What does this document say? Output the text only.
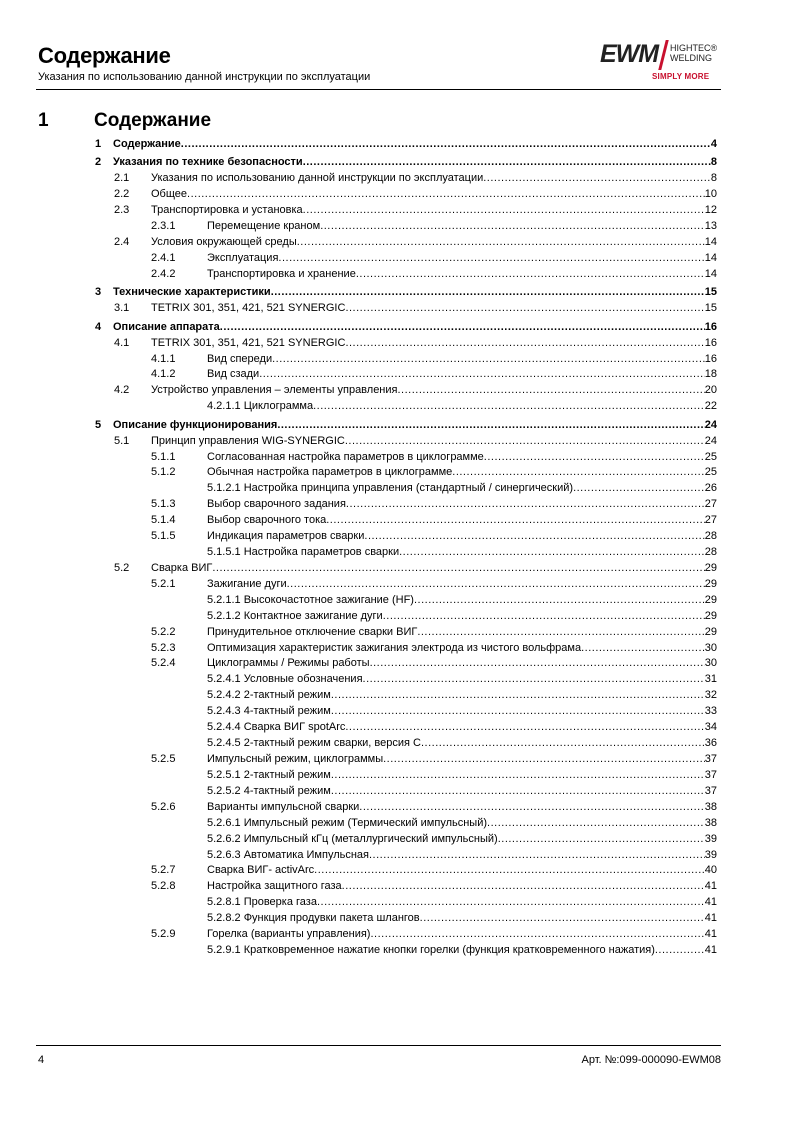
Содержание
Указания по использованию данной инструкции по эксплуатации
EWM HIGHTEC®
WELDING
SIMPLY MORE
1 Содержание
1 Содержание .....	4
2 Указания по технике безопасности .....	8
2.1 Указания по использованию данной инструкции по эксплуатации .....	8
2.2 Общее .....	10
2.3 Транспортировка и установка .....	12
2.3.1	Перемещение краном .....	13
2.4 Условия окружающей среды .....	14
2.4.1	Эксплуатация .....	14
2.4.2	Транспортировка и хранение .....	14
3 Технические характеристики .....	15
3.1 TETRIX 301, 351, 421, 521 SYNERGIC .....	15
4 Описание аппарата .....	16
4.1 TETRIX 301, 351, 421, 521 SYNERGIC .....	16
4.1.1	Вид спереди .....	16
4.1.2	Вид сзади .....	18
4.2 Устройство управления – элементы управления .....	20
4.2.1.1 Циклограмма .....	22
5 Описание функционирования .....	24
5.1 Принцип управления WIG-SYNERGIC .....	24
5.1.1	Согласованная настройка параметров в циклограмме .....	25
5.1.2	Обычная настройка параметров в циклограмме .....	25
5.1.2.1 Настройка принципа управления (стандартный / синергический) .....	26
5.1.3	Выбор сварочного задания .....	27
5.1.4	Выбор сварочного тока .....	27
5.1.5	Индикация параметров сварки .....	28
5.1.5.1 Настройка параметров сварки .....	28
5.2 Сварка ВИГ .....	29
5.2.1	Зажигание дуги .....	29
5.2.1.1 Высокочастотное зажигание (HF) .....	29
5.2.1.2 Контактное зажигание дуги .....	29
5.2.2	Принудительное отключение сварки ВИГ .....	29
5.2.3	Оптимизация характеристик зажигания электрода из чистого вольфрама .....	30
5.2.4	Циклограммы / Режимы работы .....	30
5.2.4.1 Условные обозначения .....	31
5.2.4.2 2-тактный режим .....	32
5.2.4.3 4-тактный режим .....	33
5.2.4.4 Сварка ВИГ spotArc .....	34
5.2.4.5 2-тактный режим сварки, версия С .....	36
5.2.5	Импульсный режим, циклограммы .....	37
5.2.5.1 2-тактный режим .....	37
5.2.5.2 4-тактный режим .....	37
5.2.6	Варианты импульсной сварки .....	38
5.2.6.1 Импульсный режим (Термический импульсный) .....	38
5.2.6.2 Импульсный кГц (металлургический импульсный) .....	39
5.2.6.3 Автоматика Импульсная .....	39
5.2.7	Сварка ВИГ- activArc .....	40
5.2.8	Настройка защитного газа .....	41
5.2.8.1 Проверка газа .....	41
5.2.8.2 Функция продувки пакета шлангов .....	41
5.2.9	Горелка (варианты управления) .....	41
5.2.9.1 Кратковременное нажатие кнопки горелки (функция кратковременного нажатия) .....	41
4	Арт. №:099-000090-EWM08
